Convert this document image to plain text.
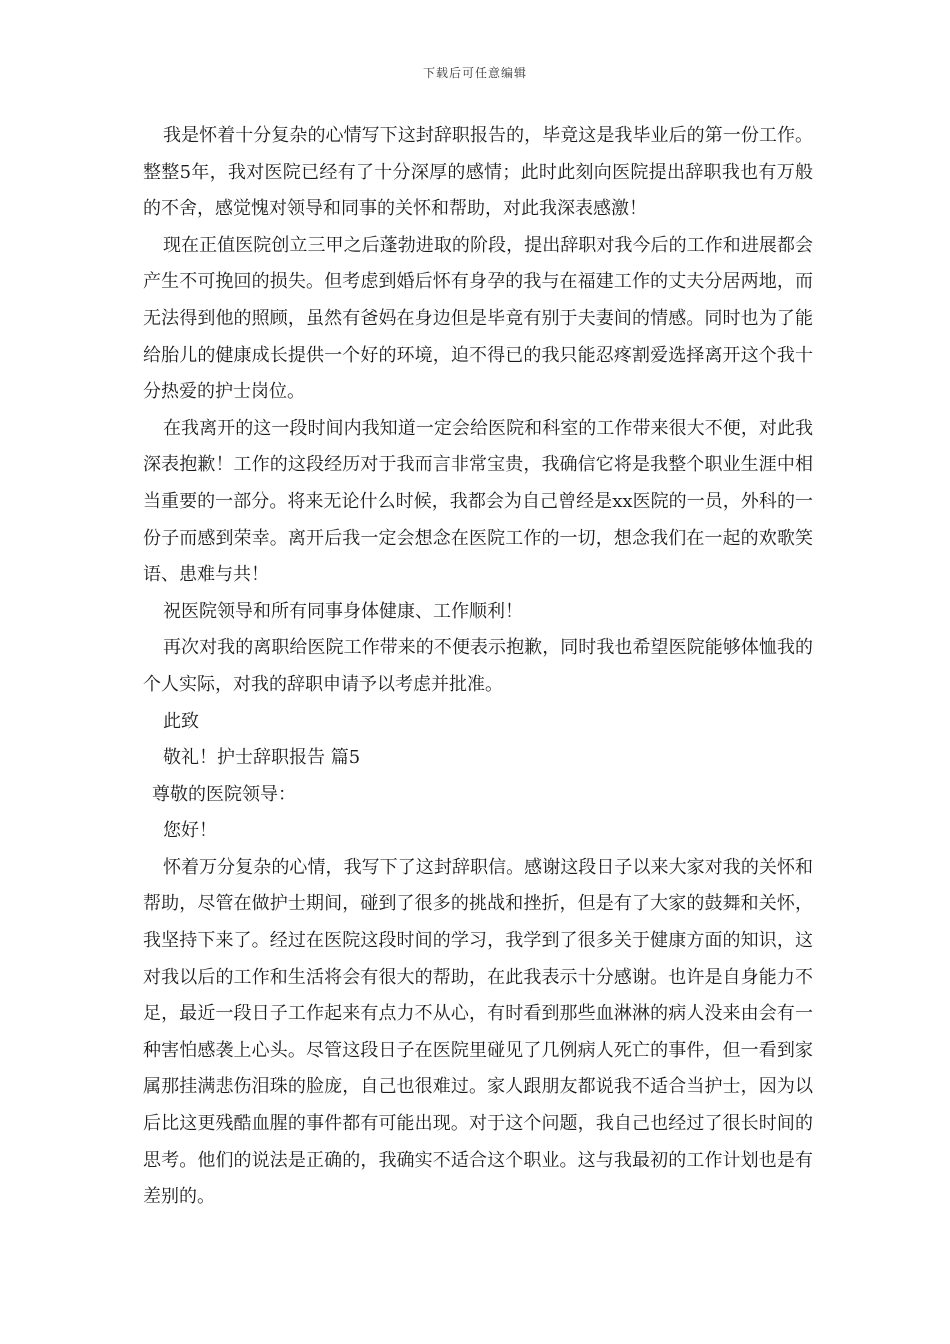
下载后可任意编辑

我是怀着十分复杂的心情写下这封辞职报告的，毕竟这是我毕业后的第一份工作。整整5年，我对医院已经有了十分深厚的感情；此时此刻向医院提出辞职我也有万般的不舍，感觉愧对领导和同事的关怀和帮助，对此我深表感激！

现在正值医院创立三甲之后蓬勃进取的阶段，提出辞职对我今后的工作和进展都会产生不可挽回的损失。但考虑到婚后怀有身孕的我与在福建工作的丈夫分居两地，而无法得到他的照顾，虽然有爸妈在身边但是毕竟有别于夫妻间的情感。同时也为了能给胎儿的健康成长提供一个好的环境，迫不得已的我只能忍疼割爱选择离开这个我十分热爱的护士岗位。

在我离开的这一段时间内我知道一定会给医院和科室的工作带来很大不便，对此我深表抱歉！工作的这段经历对于我而言非常宝贵，我确信它将是我整个职业生涯中相当重要的一部分。将来无论什么时候，我都会为自己曾经是xx医院的一员，外科的一份子而感到荣幸。离开后我一定会想念在医院工作的一切，想念我们在一起的欢歌笑语、患难与共！

祝医院领导和所有同事身体健康、工作顺利！

再次对我的离职给医院工作带来的不便表示抱歉，同时我也希望医院能够体恤我的个人实际，对我的辞职申请予以考虑并批准。

此致

敬礼！护士辞职报告 篇5

尊敬的医院领导：

您好！

怀着万分复杂的心情，我写下了这封辞职信。感谢这段日子以来大家对我的关怀和帮助，尽管在做护士期间，碰到了很多的挑战和挫折，但是有了大家的鼓舞和关怀，我坚持下来了。经过在医院这段时间的学习，我学到了很多关于健康方面的知识，这对我以后的工作和生活将会有很大的帮助，在此我表示十分感谢。也许是自身能力不足，最近一段日子工作起来有点力不从心，有时看到那些血淋淋的病人没来由会有一种害怕感袭上心头。尽管这段日子在医院里碰见了几例病人死亡的事件，但一看到家属那挂满悲伤泪珠的脸庞，自己也很难过。家人跟朋友都说我不适合当护士，因为以后比这更残酷血腥的事件都有可能出现。对于这个问题，我自己也经过了很长时间的思考。他们的说法是正确的，我确实不适合这个职业。这与我最初的工作计划也是有差别的。
